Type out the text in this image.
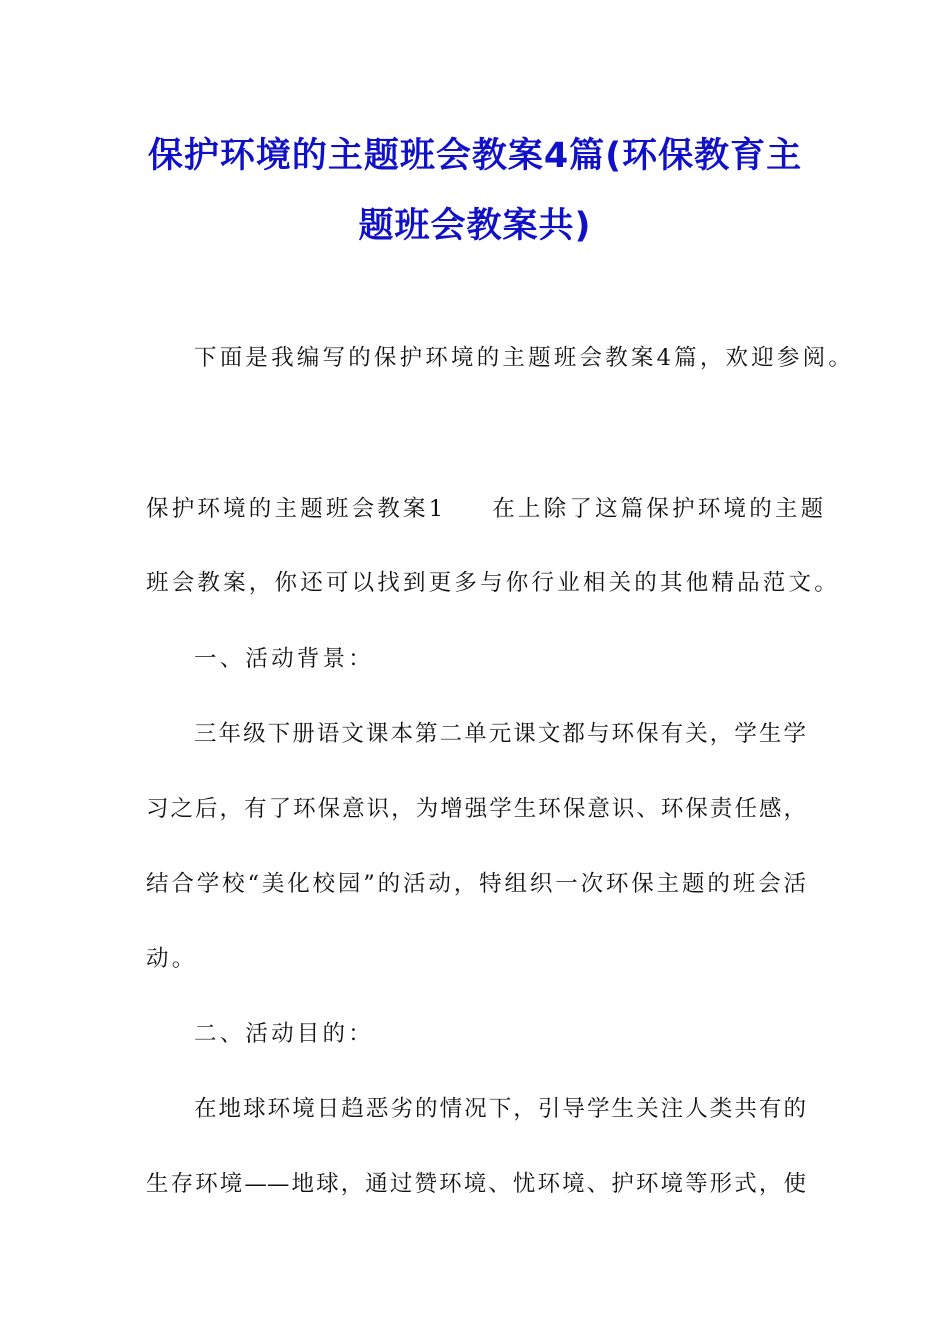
保护环境的主题班会教案4篇(环保教育主
题班会教案共)

下面是我编写的保护环境的主题班会教案4篇，欢迎参阅。

保护环境的主题班会教案1 在上除了这篇保护环境的主题

班会教案，你还可以找到更多与你行业相关的其他精品范文。

一、活动背景：

三年级下册语文课本第二单元课文都与环保有关，学生学

习之后，有了环保意识，为增强学生环保意识、环保责任感，

结合学校“美化校园”的活动，特组织一次环保主题的班会活

动。

二、活动目的：

在地球环境日趋恶劣的情况下，引导学生关注人类共有的

生存环境——地球，通过赞环境、忧环境、护环境等形式，使
